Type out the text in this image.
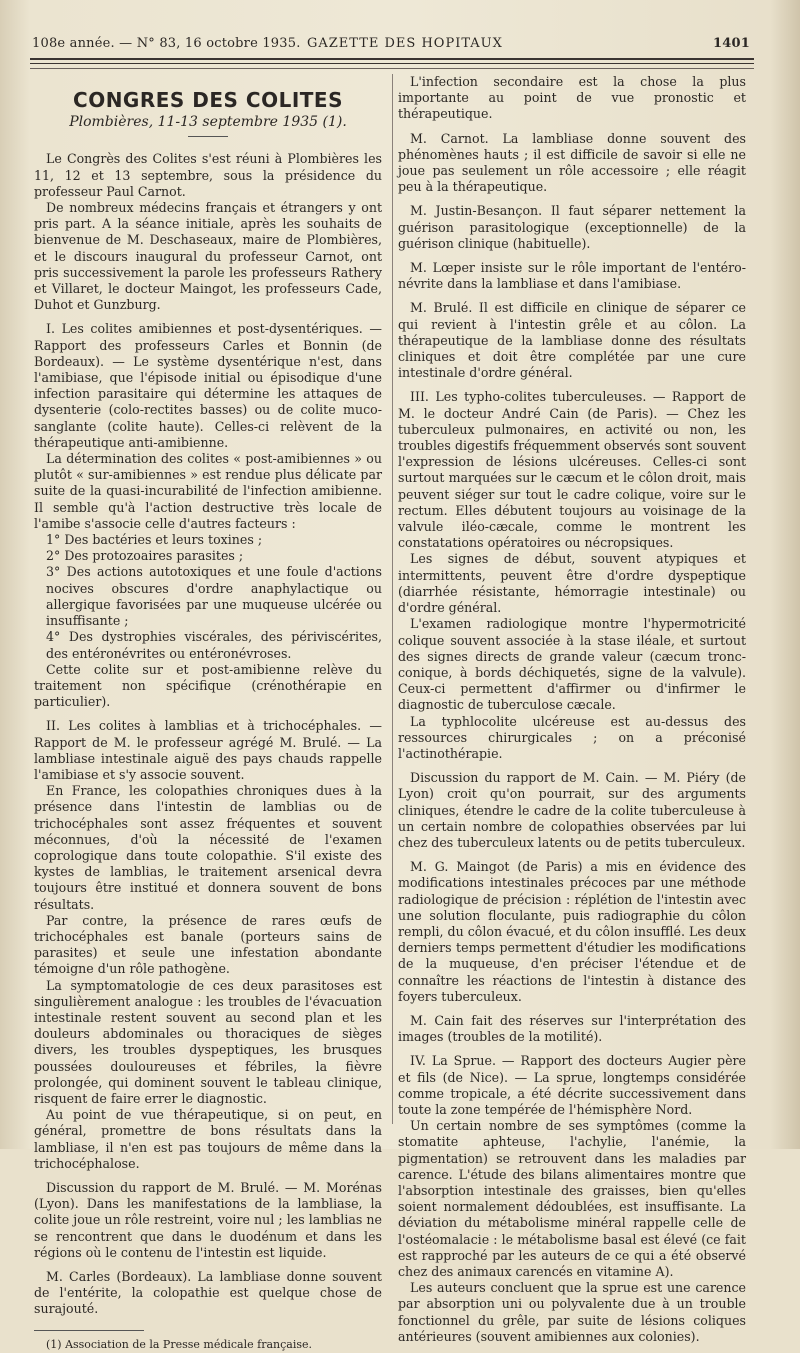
108e année. — N° 83, 16 octobre 1935. GAZETTE DES HOPITAUX	1401
CONGRES DES COLITES
Plombières, 11-13 septembre 1935 (1).

Le Congrès des Colites s'est réuni à Plombières les 11, 12 et 13 septembre, sous la présidence du professeur Paul Carnot.

De nombreux médecins français et étrangers y ont pris part. A la séance initiale, après les souhaits de bienvenue de M. Deschaseaux, maire de Plombières, et le discours inaugural du professeur Carnot, ont pris successivement la parole les professeurs Rathery et Villaret, le docteur Maingot, les professeurs Cade, Duhot et Gunzburg.

I. Les colites amibiennes et post-dysentériques. — Rapport des professeurs Carles et Bonnin (de Bordeaux). — Le système dysentérique n'est, dans l'amibiase, que l'épisode initial ou épisodique d'une infection parasitaire qui détermine les attaques de dysenterie (colo-rectites basses) ou de colite muco-sanglante (colite haute). Celles-ci relèvent de la thérapeutique anti-amibienne.

La détermination des colites « post-amibiennes » ou plutôt « sur-amibiennes » est rendue plus délicate par suite de la quasi-incurabilité de l'infection amibienne. Il semble qu'à l'action destructive très locale de l'amibe s'associe celle d'autres facteurs :

1° Des bactéries et leurs toxines ;

2° Des protozoaires parasites ;

3° Des actions autotoxiques et une foule d'actions nocives obscures d'ordre anaphylactique ou allergique favorisées par une muqueuse ulcérée ou insuffisante ;

4° Des dystrophies viscérales, des périviscérites, des entéronévrites ou entéronévroses.

Cette colite sur et post-amibienne relève du traitement non spécifique (crénothérapie en particulier).

II. Les colites à lamblias et à trichocéphales. — Rapport de M. le professeur agrégé M. Brulé. — La lambliase intestinale aiguë des pays chauds rappelle l'amibiase et s'y associe souvent.

En France, les colopathies chroniques dues à la présence dans l'intestin de lamblias ou de trichocéphales sont assez fréquentes et souvent méconnues, d'où la nécessité de l'examen coprologique dans toute colopathie. S'il existe des kystes de lamblias, le traitement arsenical devra toujours être institué et donnera souvent de bons résultats.

Par contre, la présence de rares œufs de trichocéphales est banale (porteurs sains de parasites) et seule une infestation abondante témoigne d'un rôle pathogène.

La symptomatologie de ces deux parasitoses est singulièrement analogue : les troubles de l'évacuation intestinale restent souvent au second plan et les douleurs abdominales ou thoraciques de sièges divers, les troubles dyspeptiques, les brusques poussées douloureuses et fébriles, la fièvre prolongée, qui dominent souvent le tableau clinique, risquent de faire errer le diagnostic.

Au point de vue thérapeutique, si on peut, en général, promettre de bons résultats dans la lambliase, il n'en est pas toujours de même dans la trichocéphalose.

Discussion du rapport de M. Brulé. — M. Morénas (Lyon). Dans les manifestations de la lambliase, la colite joue un rôle restreint, voire nul ; les lamblias ne se rencontrent que dans le duodénum et dans les régions où le contenu de l'intestin est liquide.

M. Carles (Bordeaux). La lambliase donne souvent de l'entérite, la colopathie est quelque chose de surajouté.

(1) Association de la Presse médicale française.

L'infection secondaire est la chose la plus importante au point de vue pronostic et thérapeutique.

M. Carnot. La lambliase donne souvent des phénomènes hauts ; il est difficile de savoir si elle ne joue pas seulement un rôle accessoire ; elle réagit peu à la thérapeutique.

M. Justin-Besançon. Il faut séparer nettement la guérison parasitologique (exceptionnelle) de la guérison clinique (habituelle).

M. Lœper insiste sur le rôle important de l'entéro-névrite dans la lambliase et dans l'amibiase.

M. Brulé. Il est difficile en clinique de séparer ce qui revient à l'intestin grêle et au côlon. La thérapeutique de la lambliase donne des résultats cliniques et doit être complétée par une cure intestinale d'ordre général.

III. Les typho-colites tuberculeuses. — Rapport de M. le docteur André Cain (de Paris). — Chez les tuberculeux pulmonaires, en activité ou non, les troubles digestifs fréquemment observés sont souvent l'expression de lésions ulcéreuses. Celles-ci sont surtout marquées sur le cæcum et le côlon droit, mais peuvent siéger sur tout le cadre colique, voire sur le rectum. Elles débutent toujours au voisinage de la valvule iléo-cæcale, comme le montrent les constatations opératoires ou nécropsiques.

Les signes de début, souvent atypiques et intermittents, peuvent être d'ordre dyspeptique (diarrhée résistante, hémorragie intestinale) ou d'ordre général.

L'examen radiologique montre l'hypermotricité colique souvent associée à la stase iléale, et surtout des signes directs de grande valeur (cæcum tronc-conique, à bords déchiquetés, signe de la valvule). Ceux-ci permettent d'affirmer ou d'infirmer le diagnostic de tuberculose cæcale.

La typhlocolite ulcéreuse est au-dessus des ressources chirurgicales ; on a préconisé l'actinothérapie.

Discussion du rapport de M. Cain. — M. Piéry (de Lyon) croit qu'on pourrait, sur des arguments cliniques, étendre le cadre de la colite tuberculeuse à un certain nombre de colopathies observées par lui chez des tuberculeux latents ou de petits tuberculeux.

M. G. Maingot (de Paris) a mis en évidence des modifications intestinales précoces par une méthode radiologique de précision : réplétion de l'intestin avec une solution floculante, puis radiographie du côlon rempli, du côlon évacué, et du côlon insufflé. Les deux derniers temps permettent d'étudier les modifications de la muqueuse, d'en préciser l'étendue et de connaître les réactions de l'intestin à distance des foyers tuberculeux.

M. Cain fait des réserves sur l'interprétation des images (troubles de la motilité).

IV. La Sprue. — Rapport des docteurs Augier père et fils (de Nice). — La sprue, longtemps considérée comme tropicale, a été décrite successivement dans toute la zone tempérée de l'hémisphère Nord.

Un certain nombre de ses symptômes (comme la stomatite aphteuse, l'achylie, l'anémie, la pigmentation) se retrouvent dans les maladies par carence. L'étude des bilans alimentaires montre que l'absorption intestinale des graisses, bien qu'elles soient normalement dédoublées, est insuffisante. La déviation du métabolisme minéral rappelle celle de l'ostéomalacie : le métabolisme basal est élevé (ce fait est rapproché par les auteurs de ce qui a été observé chez des animaux carencés en vitamine A).

Les auteurs concluent que la sprue est une carence par absorption uni ou polyvalente due à un trouble fonctionnel du grêle, par suite de lésions coliques antérieures (souvent amibiennes aux colonies).
